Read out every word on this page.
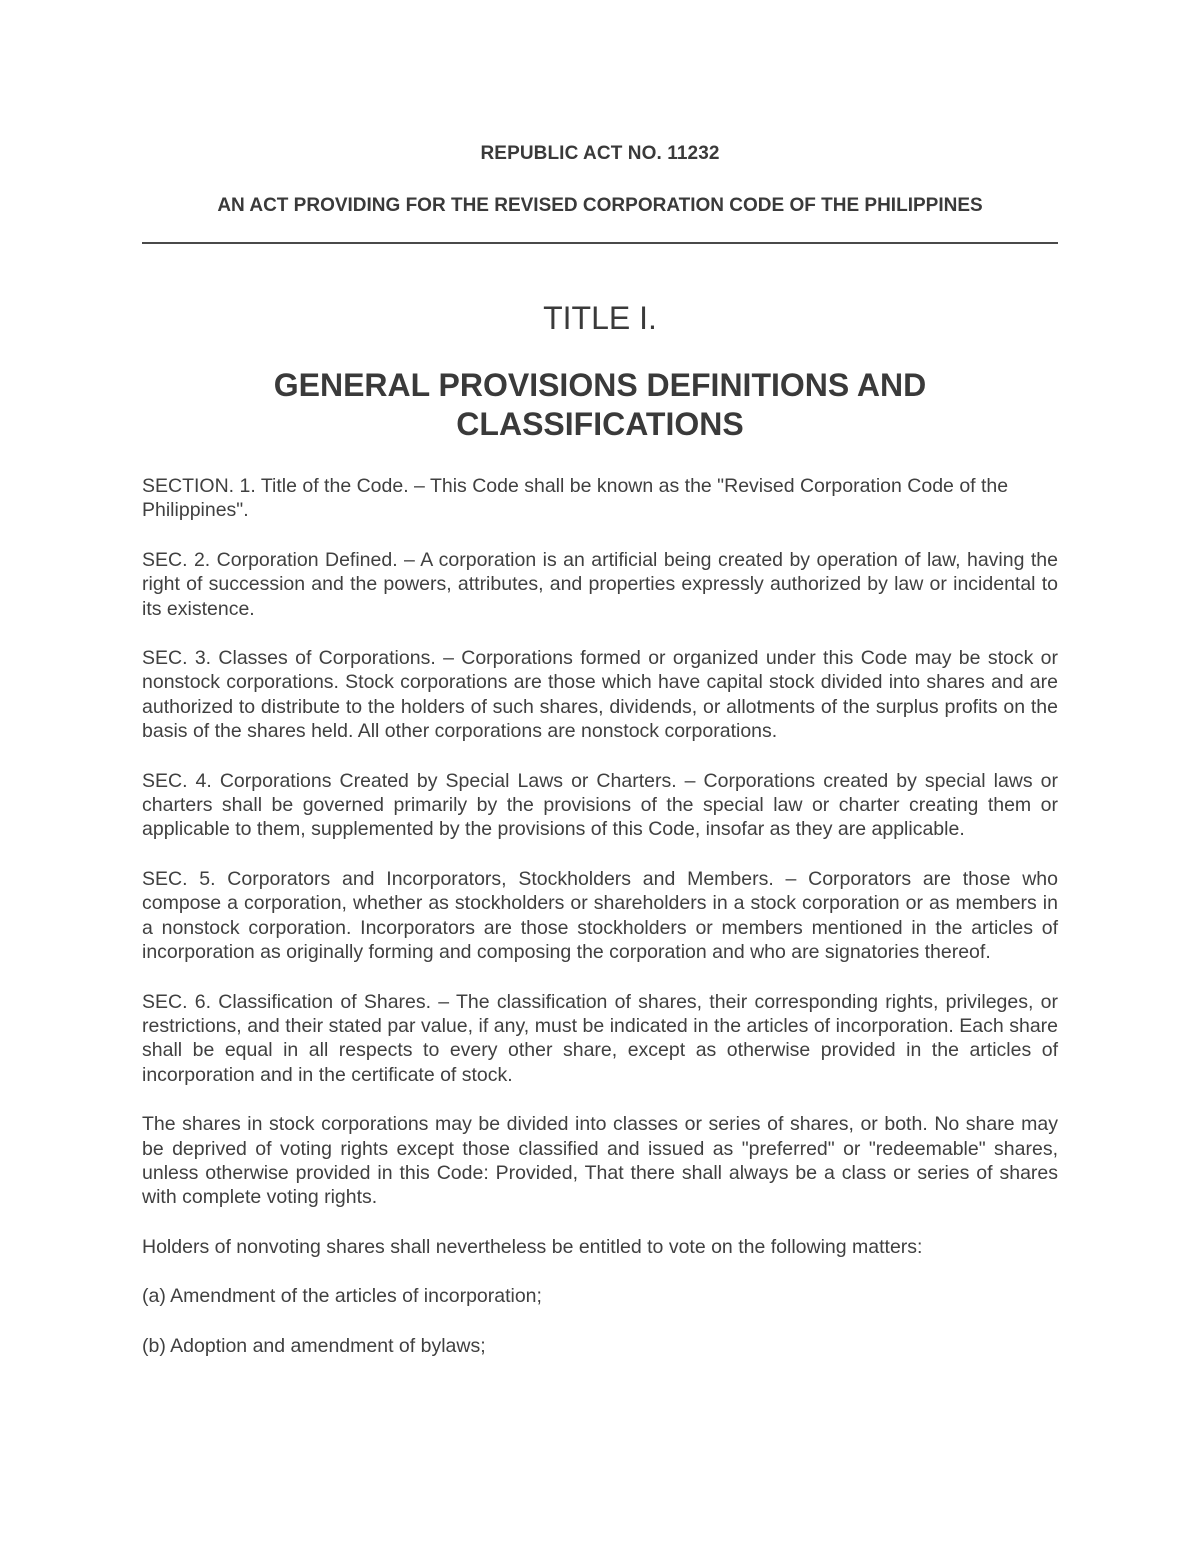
REPUBLIC ACT NO. 11232
AN ACT PROVIDING FOR THE REVISED CORPORATION CODE OF THE PHILIPPINES
TITLE I.
GENERAL PROVISIONS DEFINITIONS AND CLASSIFICATIONS

SECTION. 1. Title of the Code. – This Code shall be known as the "Revised Corporation Code of the Philippines".

SEC. 2. Corporation Defined. – A corporation is an artificial being created by operation of law, having the right of succession and the powers, attributes, and properties expressly authorized by law or incidental to its existence.

SEC. 3. Classes of Corporations. – Corporations formed or organized under this Code may be stock or nonstock corporations. Stock corporations are those which have capital stock divided into shares and are authorized to distribute to the holders of such shares, dividends, or allotments of the surplus profits on the basis of the shares held. All other corporations are nonstock corporations.

SEC. 4. Corporations Created by Special Laws or Charters. – Corporations created by special laws or charters shall be governed primarily by the provisions of the special law or charter creating them or applicable to them, supplemented by the provisions of this Code, insofar as they are applicable.

SEC. 5. Corporators and Incorporators, Stockholders and Members. – Corporators are those who compose a corporation, whether as stockholders or shareholders in a stock corporation or as members in a nonstock corporation. Incorporators are those stockholders or members mentioned in the articles of incorporation as originally forming and composing the corporation and who are signatories thereof.

SEC. 6. Classification of Shares. – The classification of shares, their corresponding rights, privileges, or restrictions, and their stated par value, if any, must be indicated in the articles of incorporation. Each share shall be equal in all respects to every other share, except as otherwise provided in the articles of incorporation and in the certificate of stock.

The shares in stock corporations may be divided into classes or series of shares, or both. No share may be deprived of voting rights except those classified and issued as "preferred" or "redeemable" shares, unless otherwise provided in this Code: Provided, That there shall always be a class or series of shares with complete voting rights.

Holders of nonvoting shares shall nevertheless be entitled to vote on the following matters:

(a) Amendment of the articles of incorporation;

(b) Adoption and amendment of bylaws;
